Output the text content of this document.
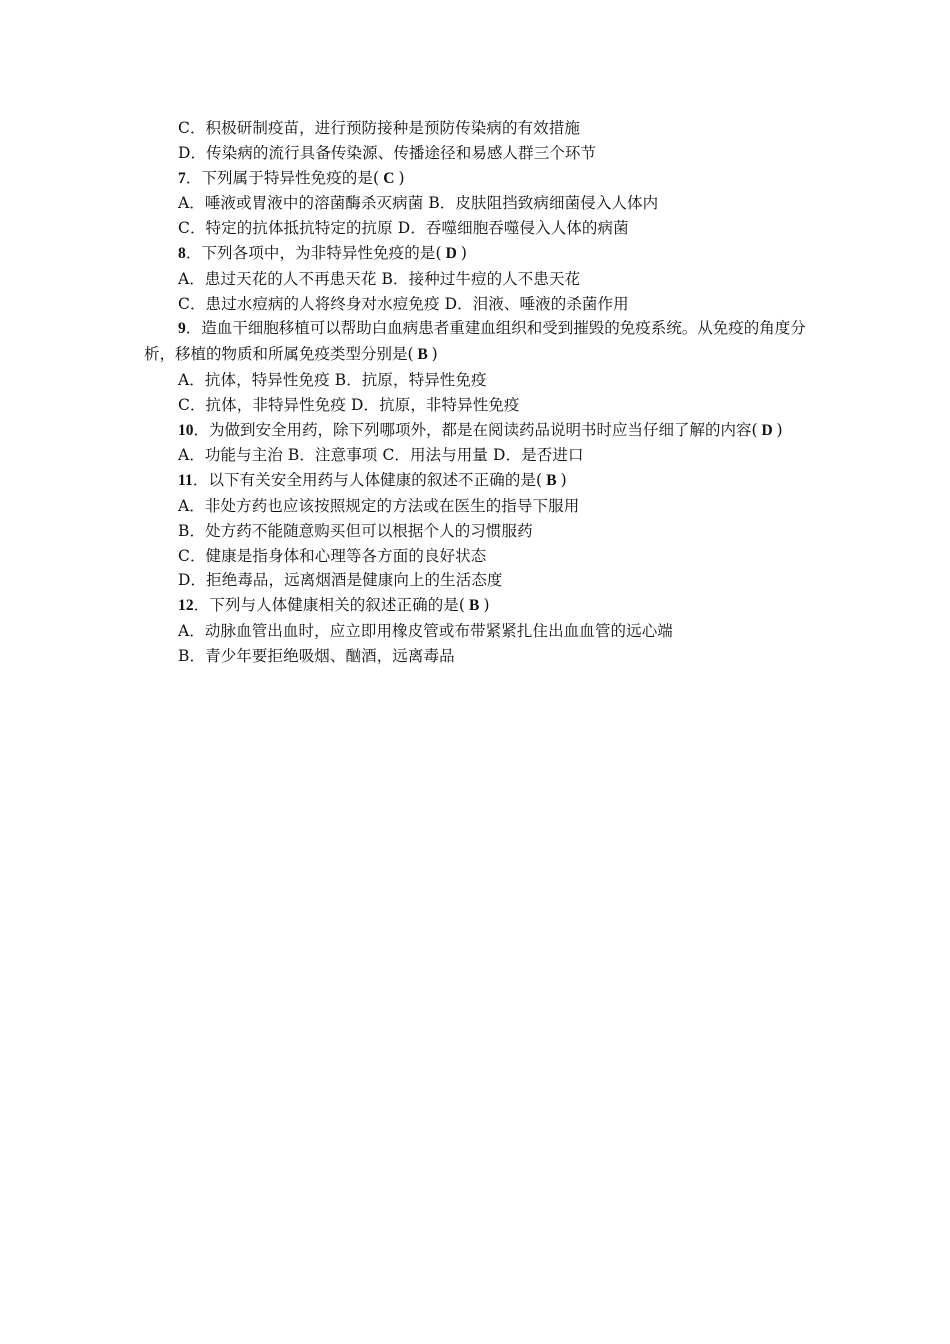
C．积极研制疫苗，进行预防接种是预防传染病的有效措施
D．传染病的流行具备传染源、传播途径和易感人群三个环节
7．下列属于特异性免疫的是( C )
A．唾液或胃液中的溶菌酶杀灭病菌 B．皮肤阻挡致病细菌侵入人体内
C．特定的抗体抵抗特定的抗原 D．吞噬细胞吞噬侵入人体的病菌
8．下列各项中，为非特异性免疫的是( D )
A．患过天花的人不再患天花 B．接种过牛痘的人不患天花
C．患过水痘病的人将终身对水痘免疫 D．泪液、唾液的杀菌作用
9．造血干细胞移植可以帮助白血病患者重建血组织和受到摧毁的免疫系统。从免疫的角度分析，移植的物质和所属免疫类型分别是( B )
A．抗体，特异性免疫 B．抗原，特异性免疫
C．抗体，非特异性免疫 D．抗原，非特异性免疫
10．为做到安全用药，除下列哪项外，都是在阅读药品说明书时应当仔细了解的内容( D )
A．功能与主治 B．注意事项 C．用法与用量 D．是否进口
11．以下有关安全用药与人体健康的叙述不正确的是( B )
A．非处方药也应该按照规定的方法或在医生的指导下服用
B．处方药不能随意购买但可以根据个人的习惯服药
C．健康是指身体和心理等各方面的良好状态
D．拒绝毒品，远离烟酒是健康向上的生活态度
12．下列与人体健康相关的叙述正确的是( B )
A．动脉血管出血时，应立即用橡皮管或布带紧紧扎住出血血管的远心端
B．青少年要拒绝吸烟、酗酒，远离毒品
